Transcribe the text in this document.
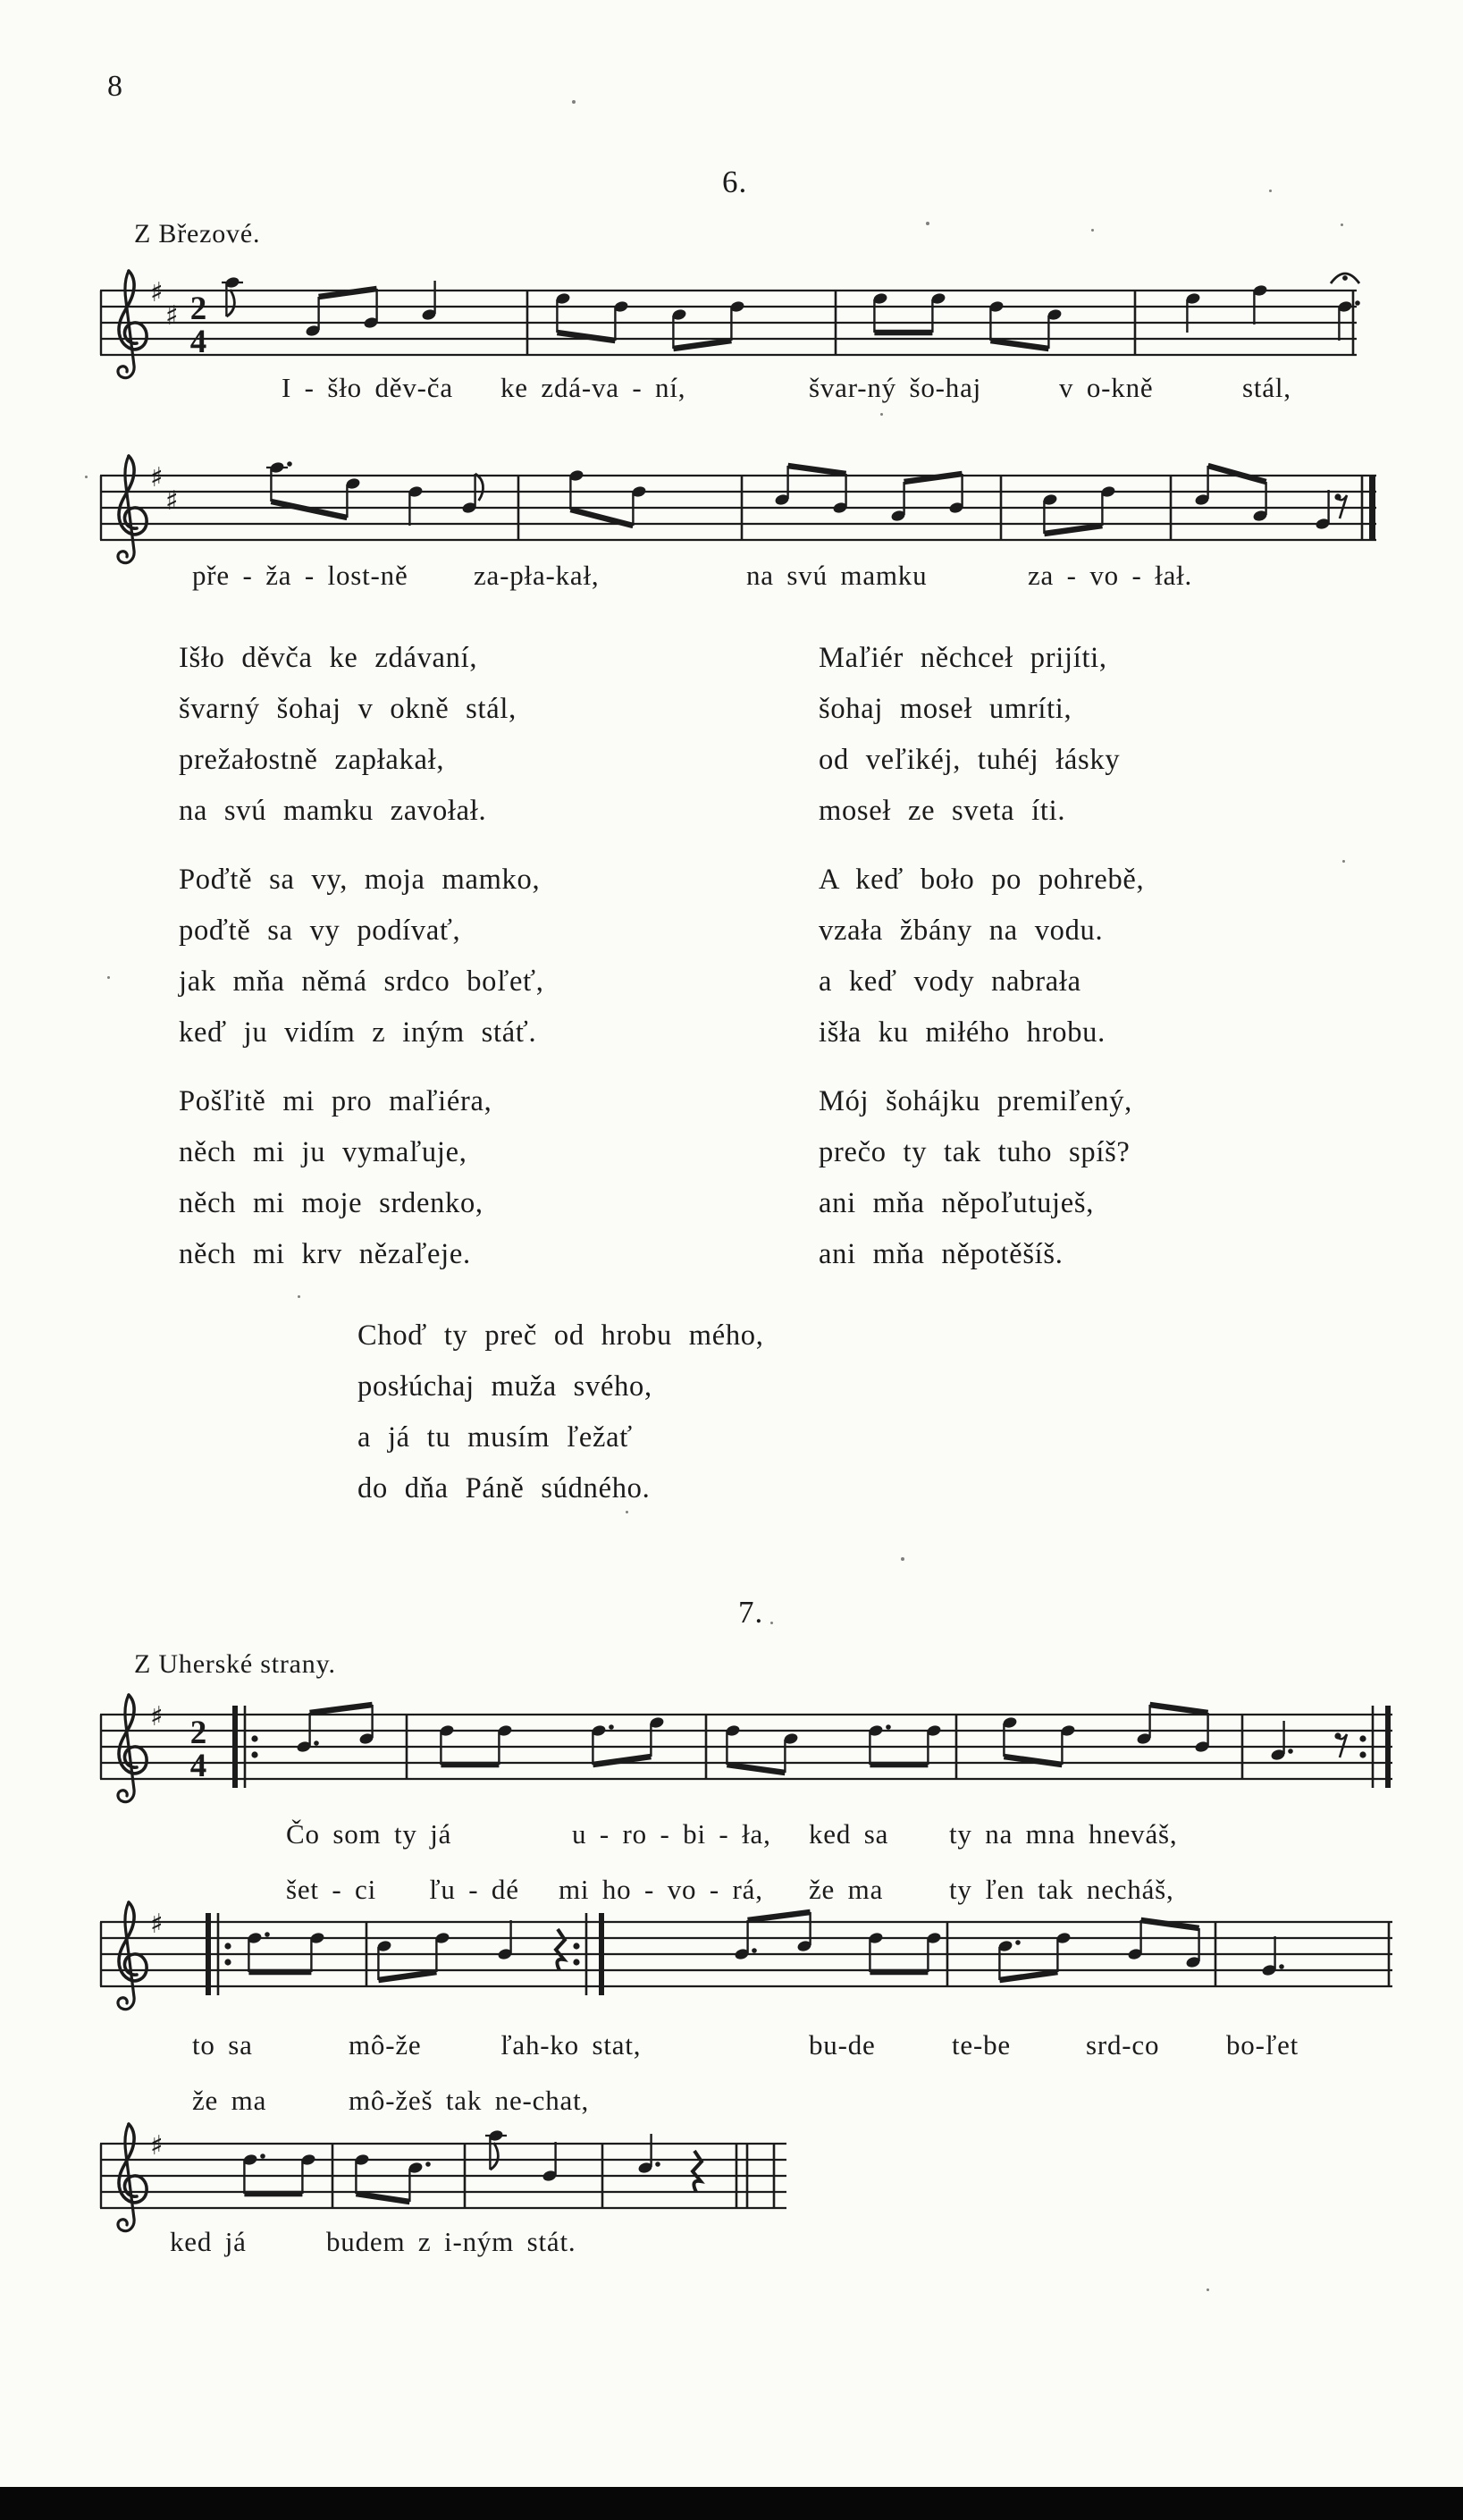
8
6.
Z Březové.
7.
Z Uherské strany.
♯
♯ 2
4
♯
♯
I - šło děv-ča ke zdá-va - ní,	švar-ný šo-haj	v o-kně	stál,
pře - ža - lost-ně za-pła-kał,	na svú mamku	za - vo - łał.
♯ 2
4
♯
♯
Čo som ty já	u - ro - bi - ła, ked sa ty na mna hneváš,
šet - ci ľu - dé mi ho - vo - rá, že ma ty ľen tak necháš,
to sa	mô-že	ľah-ko stat,	bu-de	te-be	srd-co bo-ľet
že ma	mô-žeš tak ne-chat,
ked já	budem z i-ným stát.
Išło děvča ke zdávaní,
švarný šohaj v okně stál,
prežałostně zapłakał,
na svú mamku zavołał.
Maľiér něchceł prijíti,
šohaj moseł umríti,
od veľikéj, tuhéj łásky
moseł ze sveta íti.
Poďtě sa vy, moja mamko,
poďtě sa vy podívať,
jak mňa němá srdco boľeť,
keď ju vidím z iným stáť.
A keď boło po pohrebě,
vzała žbány na vodu.
a keď vody nabrała
išła ku miłého hrobu.
Pošľitě mi pro maľiéra,
něch mi ju vymaľuje,
něch mi moje srdenko,
něch mi krv nězaľeje.
Mój šohájku premiľený,
prečo ty tak tuho spíš?
ani mňa něpoľutuješ,
ani mňa něpotěšíš.
Choď ty preč od hrobu mého,
posłúchaj muža svého,
a já tu musím ľežať
do dňa Páně súdného.
